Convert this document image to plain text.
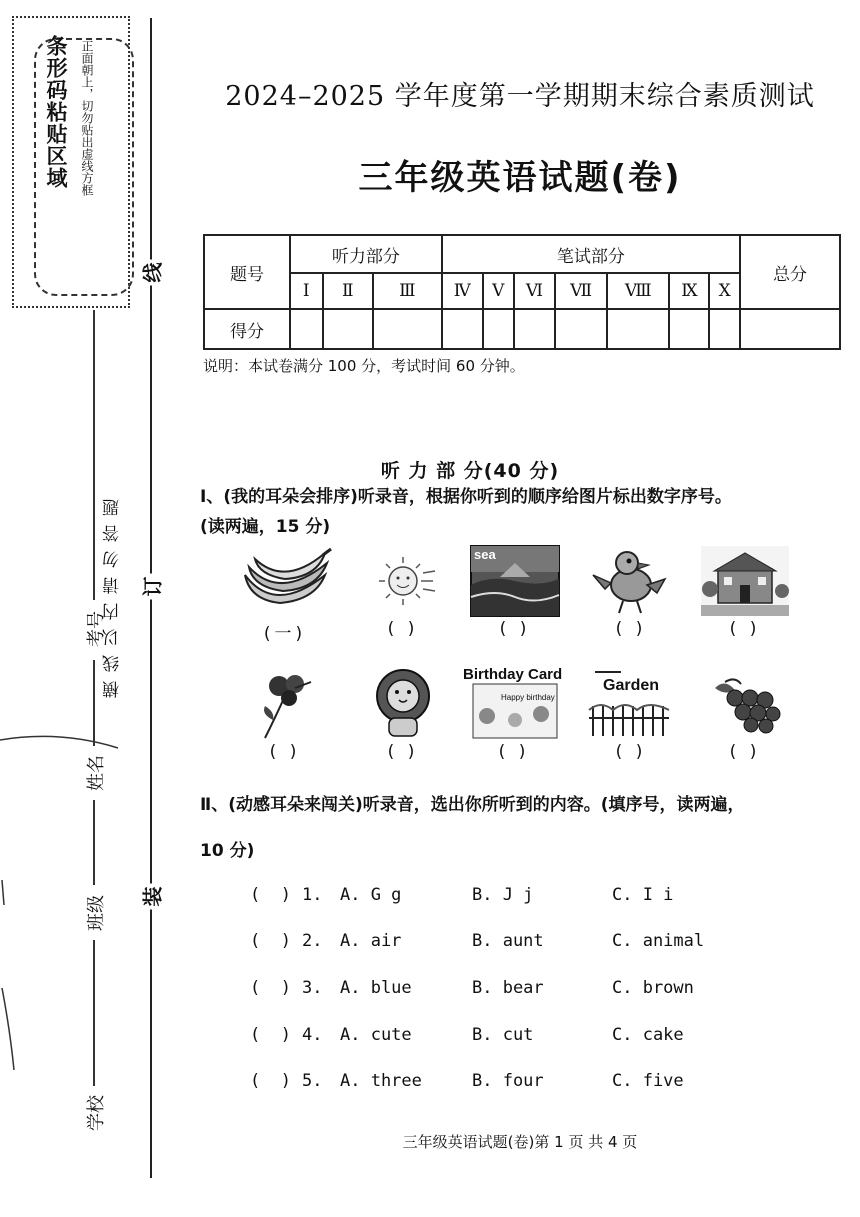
条形码粘贴区域 正面朝上，切勿贴出虚线方框
线
订
装
考号
姓名
班级
学校
横线以内请勿答题
2024–2025 学年度第一学期期末综合素质测试
三年级英语试题(卷)
题号	听力部分			笔试部分							总分
	Ⅰ	Ⅱ	Ⅲ	Ⅳ	Ⅴ	Ⅵ	Ⅶ	Ⅷ	Ⅸ	Ⅹ	
得分											
说明：本试卷满分 100 分，考试时间 60 分钟。
听 力 部 分(40 分)
Ⅰ、(我的耳朵会排序)听录音，根据你听到的顺序给图片标出数字序号。
(读两遍，15 分)
(一)	( )
sea
( )	( )	( )
( )	( )
Birthday Card
Happy birthday
( )
Garden
( )	( )
Ⅱ、(动感耳朵来闯关)听录音，选出你所听到的内容。(填序号，读两遍，
10 分)
(  ) 1. A. G g	B. J j	C. I i
(  ) 2. A. air	B. aunt	C. animal
(  ) 3. A. blue	B. bear	C. brown
(  ) 4. A. cute	B. cut	C. cake
(  ) 5. A. three	B. four	C. five
三年级英语试题(卷)第 1 页 共 4 页
